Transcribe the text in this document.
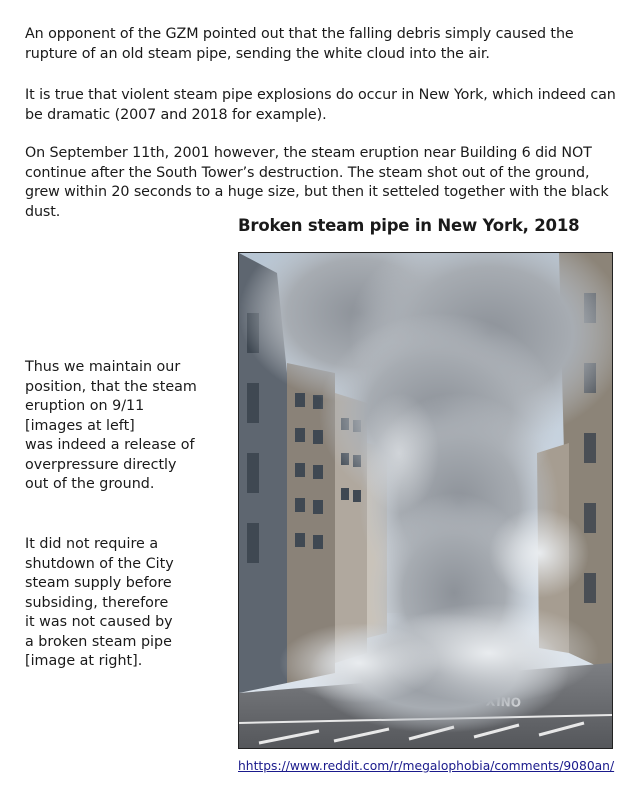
An opponent of the GZM pointed out that the falling debris simply caused the rupture of an old steam pipe, sending the white cloud into the air.

It is true that violent steam pipe explosions do occur in New York, which indeed can be dramatic (2007 and 2018 for example).

On September 11th, 2001 however, the steam eruption near Building 6 did NOT continue after the South Tower’s destruction. The steam shot out of the ground, grew within 20 seconds to a huge size, but then it setteled together with the black dust.

Thus we maintain our
position, that the steam
eruption on 9/11
[images at left]
was indeed a release of
overpressure directly
out of the ground.
It did not require a
shutdown of the City
steam supply before
subsiding, therefore
it was not caused by
a broken steam pipe
[image at right].
Broken steam pipe in New York, 2018

hhttps://www.reddit.com/r/megalophobia/comments/9080an/
